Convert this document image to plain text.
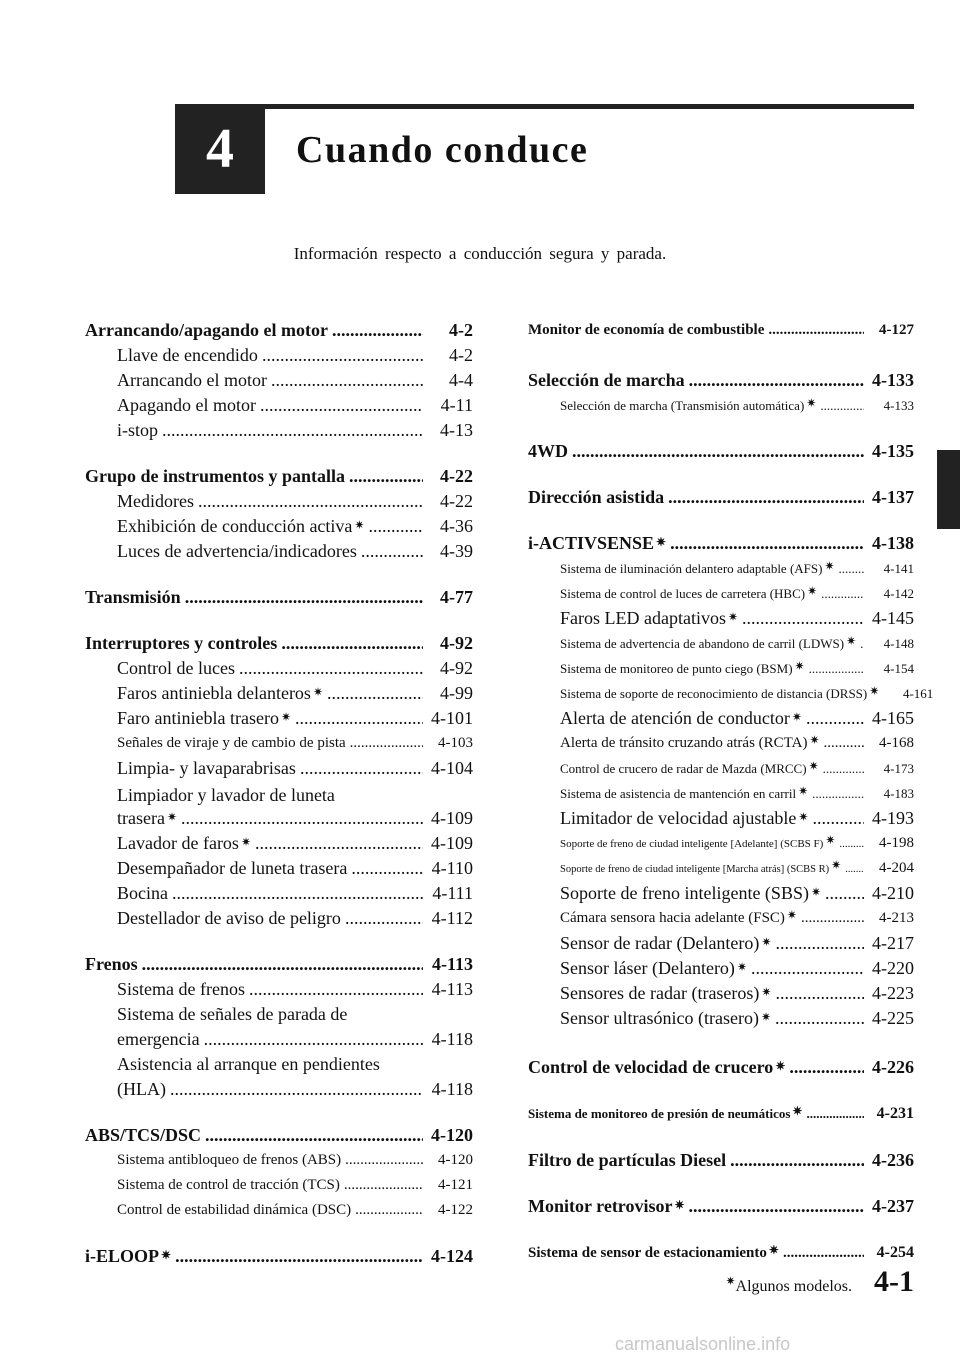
4 Cuando conduce
Información respecto a conducción segura y parada.
Arrancando/apagando el motor .....	4-2
Llave de encendido .....	4-2
Arrancando el motor .....	4-4
Apagando el motor .....	4-11
i-stop .....	4-13
Grupo de instrumentos y pantalla .....	4-22
Medidores .....	4-22
Exhibición de conducción activa ✷ .....	4-36
Luces de advertencia/indicadores .....	4-39
Transmisión .....	4-77
Interruptores y controles .....	4-92
Control de luces .....	4-92
Faros antiniebla delanteros ✷ .....	4-99
Faro antiniebla trasero ✷ .....	4-101
Señales de viraje y de cambio de pista .....	4-103
Limpia- y lavaparabrisas .....	4-104
Limpiador y lavador de luneta
trasera ✷ .....	4-109
Lavador de faros ✷ .....	4-109
Desempañador de luneta trasera .....	4-110
Bocina .....	4-111
Destellador de aviso de peligro .....	4-112
Frenos .....	4-113
Sistema de frenos .....	4-113
Sistema de señales de parada de
emergencia .....	4-118
Asistencia al arranque en pendientes
(HLA) .....	4-118
ABS/TCS/DSC .....	4-120
Sistema antibloqueo de frenos (ABS) .....	4-120
Sistema de control de tracción (TCS) .....	4-121
Control de estabilidad dinámica (DSC) .....	4-122
i-ELOOP ✷ .....	4-124
Monitor de economía de combustible .....	4-127
Selección de marcha .....	4-133
Selección de marcha (Transmisión automática) ✷ .....	4-133
4WD .....	4-135
Dirección asistida .....	4-137
i-ACTIVSENSE ✷ .....	4-138
Sistema de iluminación delantero adaptable (AFS) ✷ .....	4-141
Sistema de control de luces de carretera (HBC) ✷ .....	4-142
Faros LED adaptativos ✷ .....	4-145
Sistema de advertencia de abandono de carril (LDWS) ✷ .....	4-148
Sistema de monitoreo de punto ciego (BSM) ✷ .....	4-154
Sistema de soporte de reconocimiento de distancia (DRSS) ✷	4-161
Alerta de atención de conductor ✷ .....	4-165
Alerta de tránsito cruzando atrás (RCTA) ✷ .....	4-168
Control de crucero de radar de Mazda (MRCC) ✷ .....	4-173
Sistema de asistencia de mantención en carril ✷ .....	4-183
Limitador de velocidad ajustable ✷ .....	4-193
Soporte de freno de ciudad inteligente [Adelante] (SCBS F) ✷ .....	4-198
Soporte de freno de ciudad inteligente [Marcha atrás] (SCBS R) ✷ .....	4-204
Soporte de freno inteligente (SBS) ✷ .....	4-210
Cámara sensora hacia adelante (FSC) ✷ .....	4-213
Sensor de radar (Delantero) ✷ .....	4-217
Sensor láser (Delantero) ✷ .....	4-220
Sensores de radar (traseros) ✷ .....	4-223
Sensor ultrasónico (trasero) ✷ .....	4-225
Control de velocidad de crucero ✷ .....	4-226
Sistema de monitoreo de presión de neumáticos ✷ .....	4-231
Filtro de partículas Diesel .....	4-236
Monitor retrovisor ✷ .....	4-237
Sistema de sensor de estacionamiento ✷ .....	4-254
✷ Algunos modelos. 4-1
carmanualsonline.info
